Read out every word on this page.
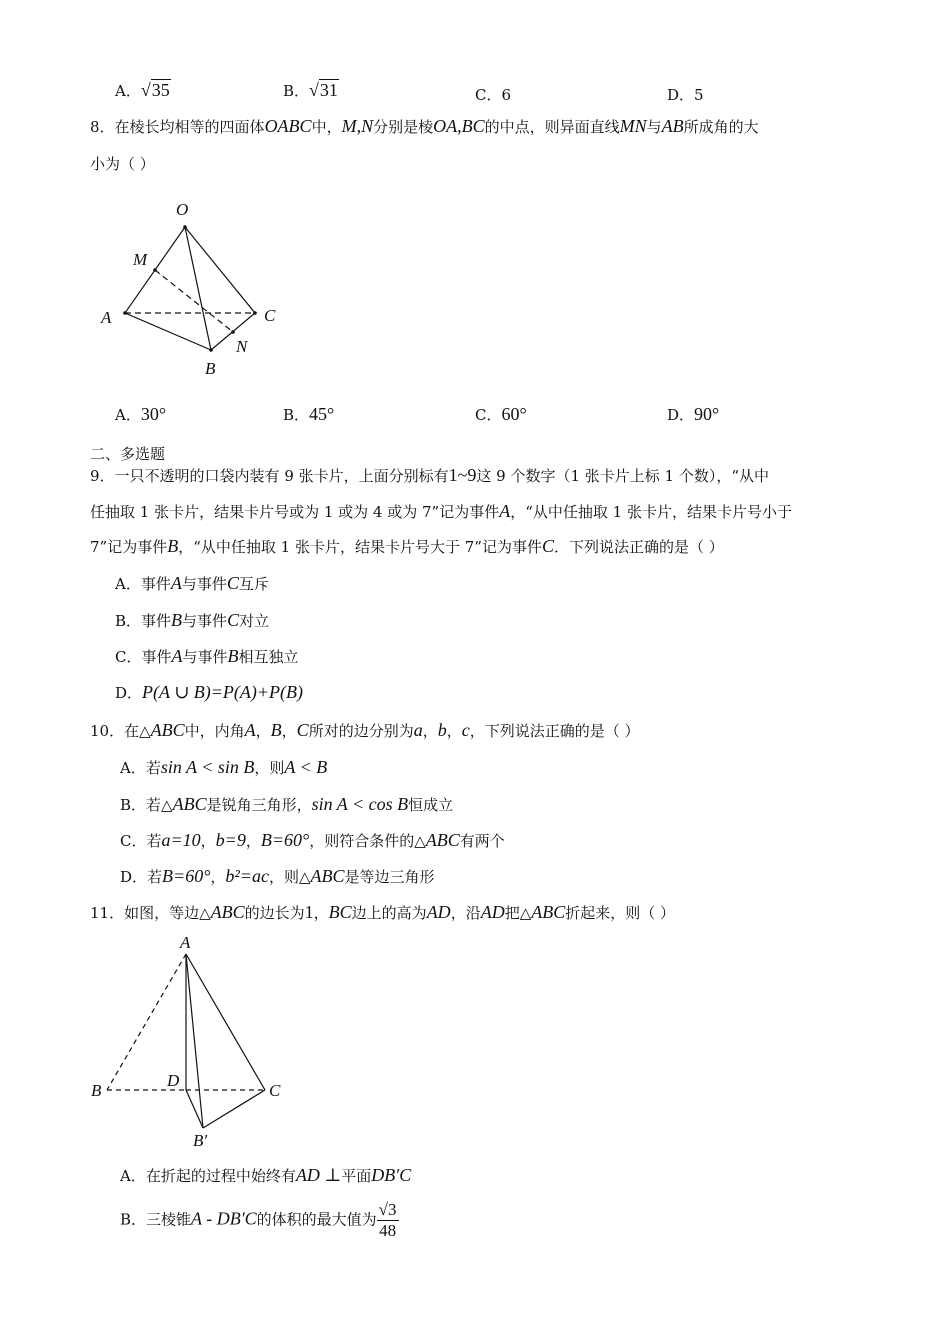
A．√35	B．√31	C．6	D．5
8．在棱长均相等的四面体OABC中，M,N分别是棱OA,BC的中点，则异面直线MN与AB所成角的大
小为（ ）
O
M
A	C
N
B
A．30°	B．45°	C．60°	D．90°
二、多选题
9．一只不透明的口袋内装有 9 张卡片，上面分别标有1~9这 9 个数字（1 张卡片上标 1 个数），“从中
任抽取 1 张卡片，结果卡片号或为 1 或为 4 或为 7”记为事件A，“从中任抽取 1 张卡片，结果卡片号小于
7”记为事件B，“从中任抽取 1 张卡片，结果卡片号大于 7”记为事件C．下列说法正确的是（ ）
A．事件A与事件C互斥
B．事件B与事件C对立
C．事件A与事件B相互独立
D．P(A ∪ B)=P(A)+P(B)
10．在△ABC中，内角A，B，C所对的边分别为a，b，c，下列说法正确的是（ ）
A．若sin A < sin B，则A < B
B．若△ABC是锐角三角形，sin A < cos B恒成立
C．若a=10，b=9，B=60°，则符合条件的△ABC有两个
D．若B=60°，b²=ac，则△ABC是等边三角形
11．如图，等边△ABC的边长为1，BC边上的高为AD，沿AD把△ABC折起来，则（ ）
A
B
D
C
B′
A．在折起的过程中始终有AD ⊥平面DB′C
B．三棱锥A - DB′C的体积的最大值为 $\frac{√3}{48}$
